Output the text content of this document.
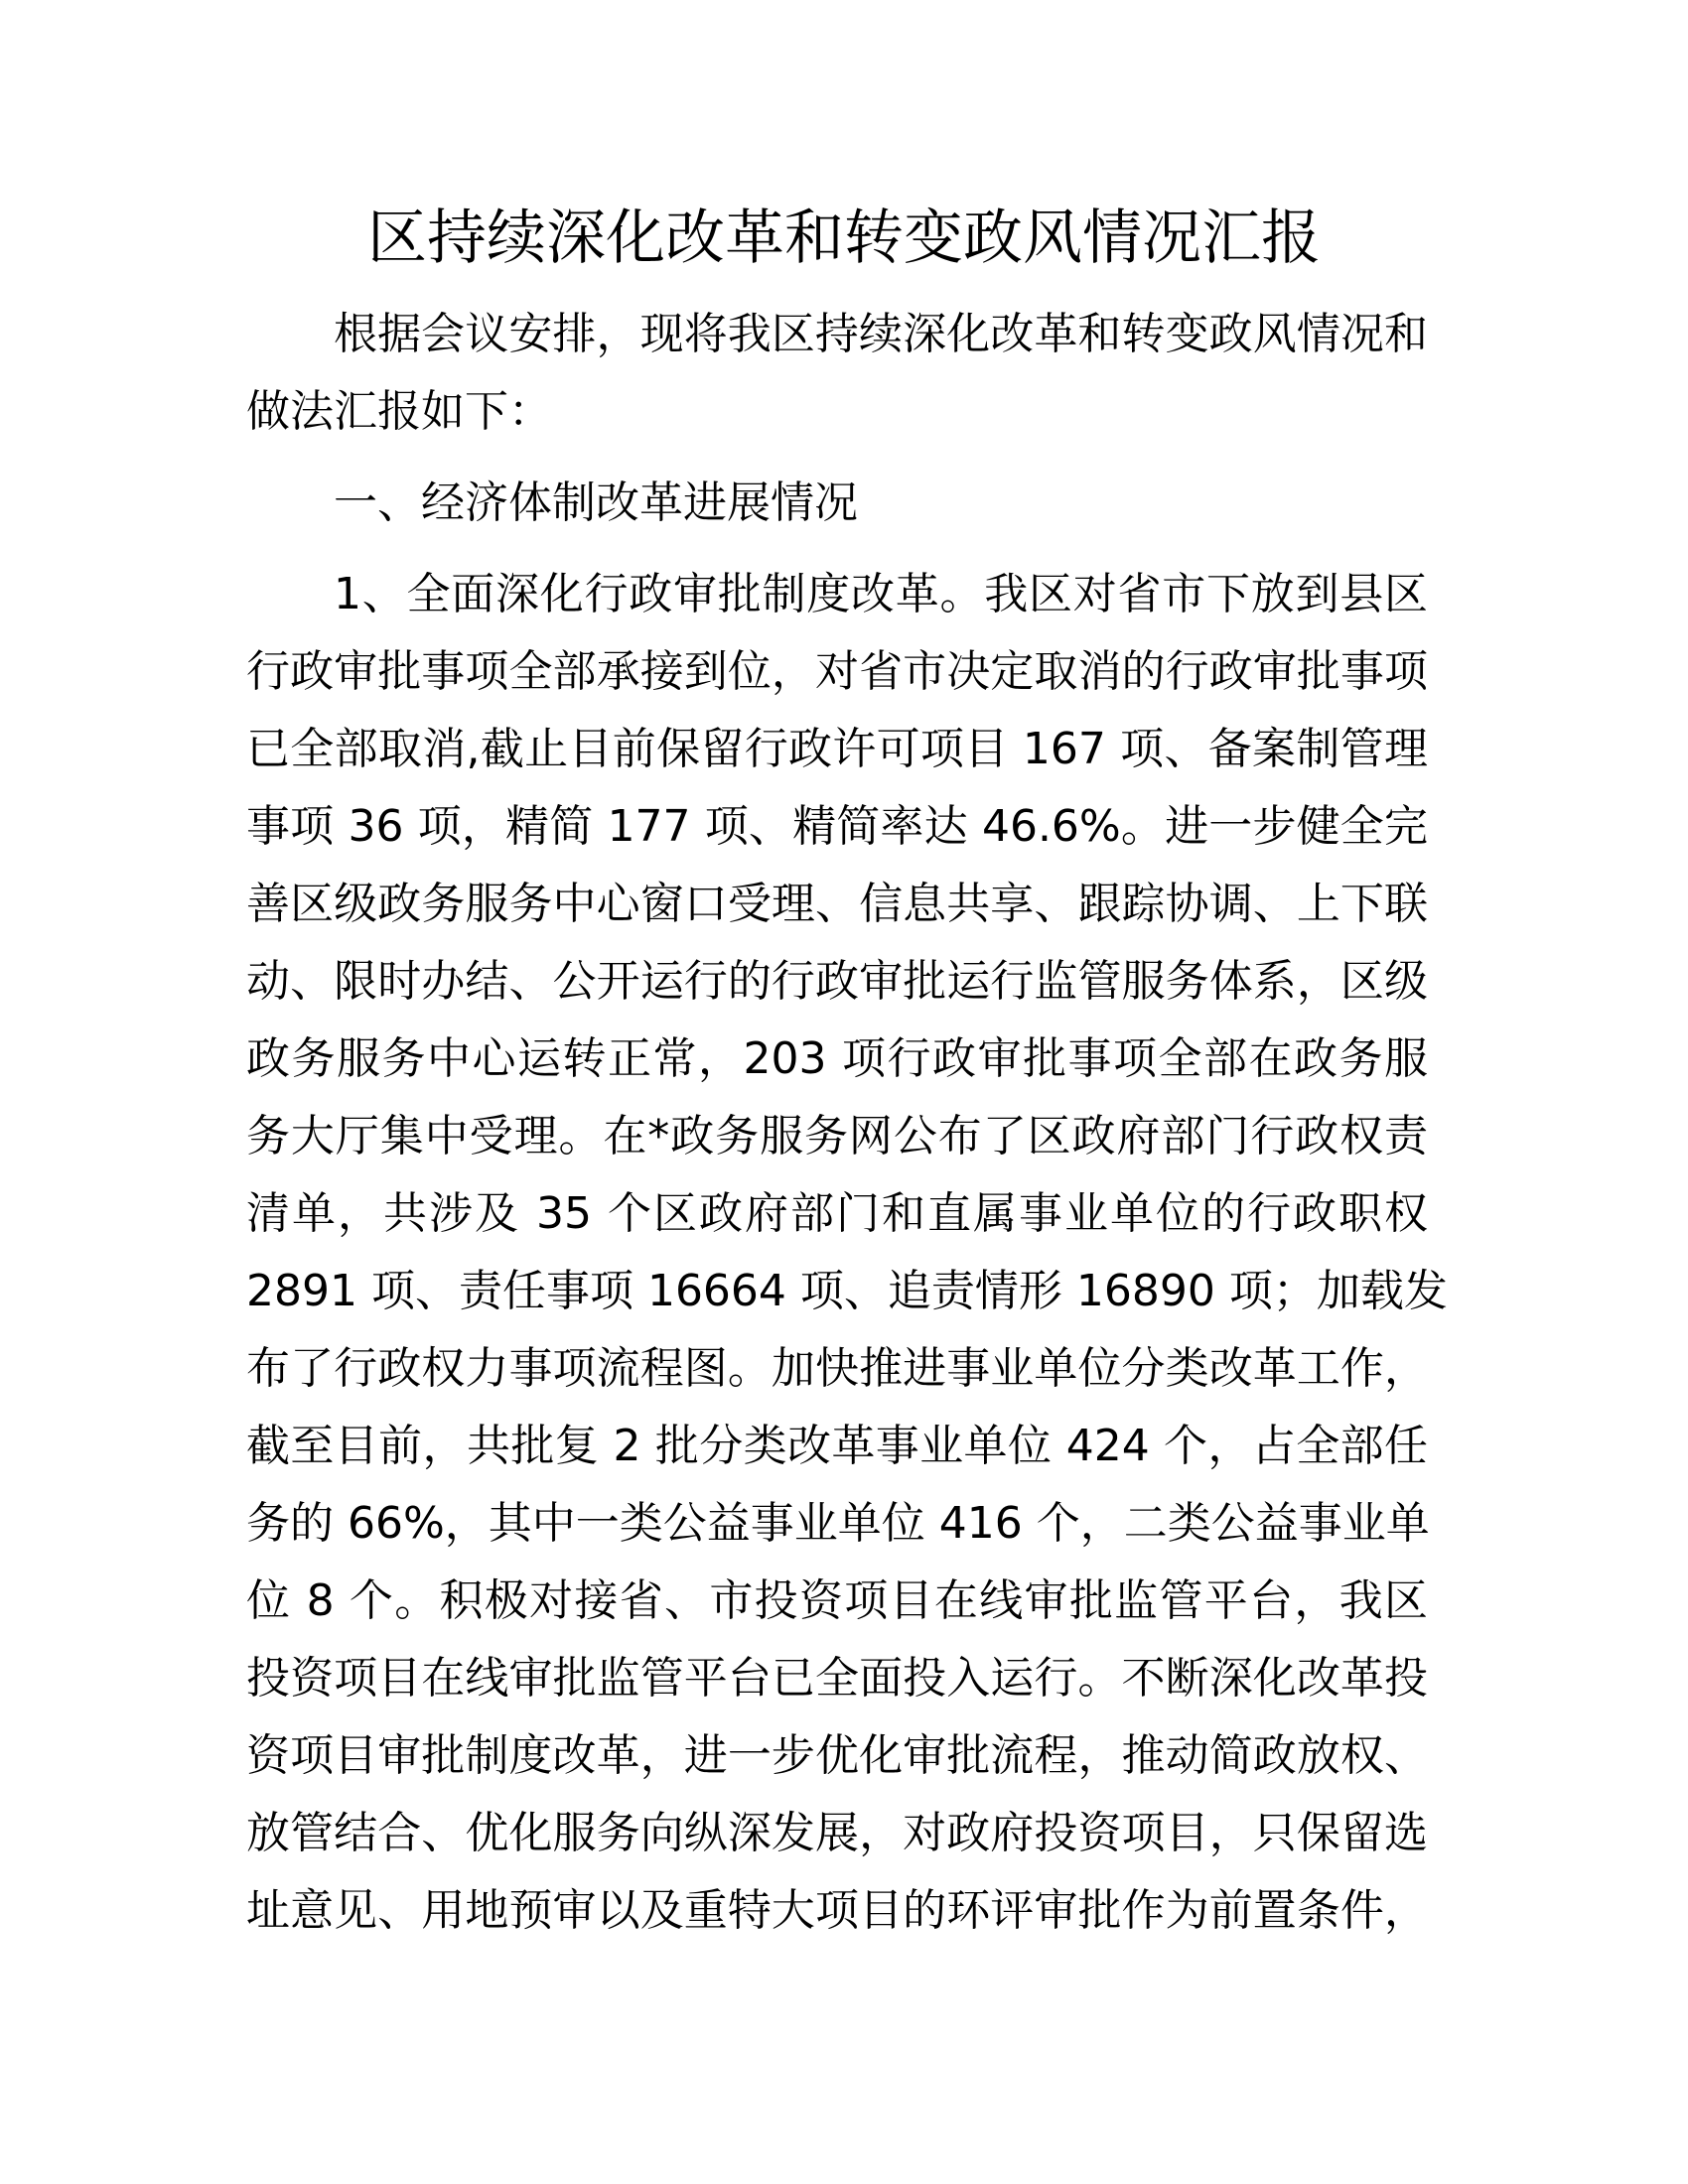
区持续深化改革和转变政风情况汇报
根据会议安排，现将我区持续深化改革和转变政风情况和
做法汇报如下：
一、经济体制改革进展情况
1、全面深化行政审批制度改革。我区对省市下放到县区
行政审批事项全部承接到位，对省市决定取消的行政审批事项
已全部取消,截止目前保留行政许可项目 167 项、备案制管理
事项 36 项，精简 177 项、精简率达 46.6%。进一步健全完
善区级政务服务中心窗口受理、信息共享、跟踪协调、上下联
动、限时办结、公开运行的行政审批运行监管服务体系，区级
政务服务中心运转正常，203 项行政审批事项全部在政务服
务大厅集中受理。在*政务服务网公布了区政府部门行政权责
清单，共涉及 35 个区政府部门和直属事业单位的行政职权
2891 项、责任事项 16664 项、追责情形 16890 项；加载发
布了行政权力事项流程图。加快推进事业单位分类改革工作，
截至目前，共批复 2 批分类改革事业单位 424 个，占全部任
务的 66%，其中一类公益事业单位 416 个，二类公益事业单
位 8 个。积极对接省、市投资项目在线审批监管平台，我区
投资项目在线审批监管平台已全面投入运行。不断深化改革投
资项目审批制度改革，进一步优化审批流程，推动简政放权、
放管结合、优化服务向纵深发展，对政府投资项目，只保留选
址意见、用地预审以及重特大项目的环评审批作为前置条件，
